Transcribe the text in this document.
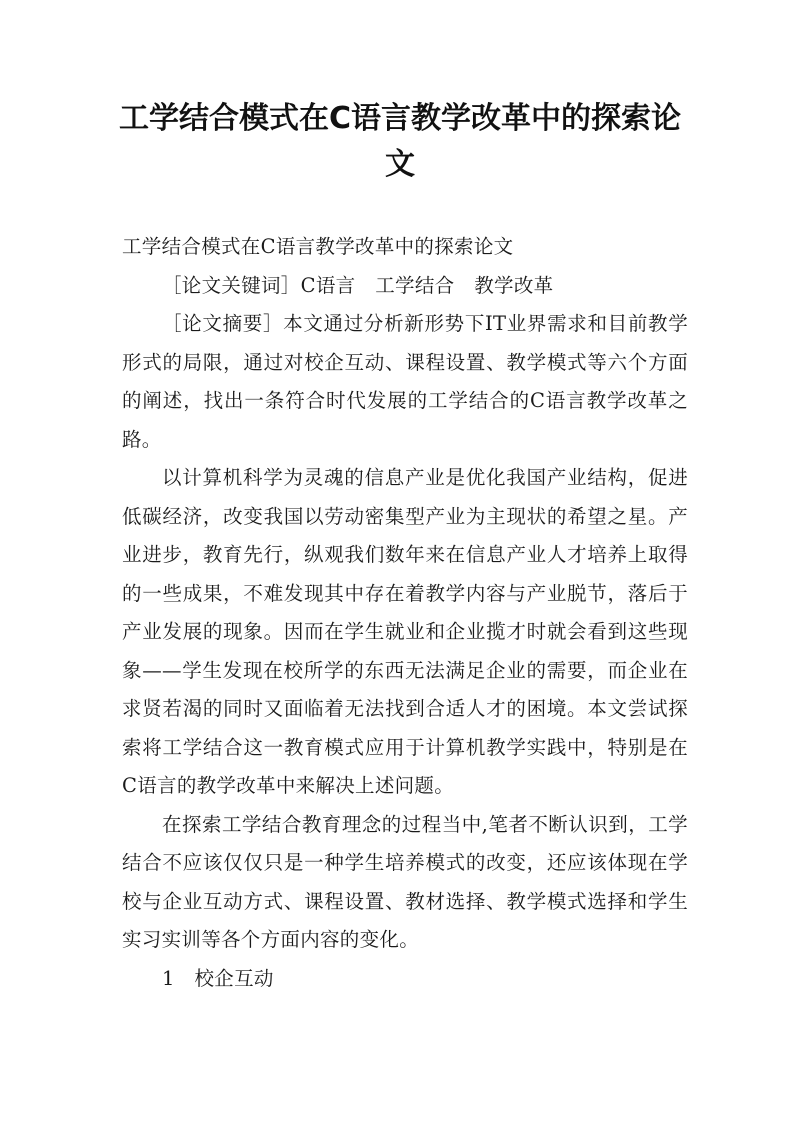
工学结合模式在C语言教学改革中的探索论文

工学结合模式在C语言教学改革中的探索论文

［论文关键词］C语言　工学结合　教学改革

［论文摘要］本文通过分析新形势下IT业界需求和目前教学形式的局限，通过对校企互动、课程设置、教学模式等六个方面的阐述，找出一条符合时代发展的工学结合的C语言教学改革之路。

以计算机科学为灵魂的信息产业是优化我国产业结构，促进低碳经济，改变我国以劳动密集型产业为主现状的希望之星。产业进步，教育先行，纵观我们数年来在信息产业人才培养上取得的一些成果，不难发现其中存在着教学内容与产业脱节，落后于产业发展的现象。因而在学生就业和企业揽才时就会看到这些现象——学生发现在校所学的东西无法满足企业的需要，而企业在求贤若渴的同时又面临着无法找到合适人才的困境。本文尝试探索将工学结合这一教育模式应用于计算机教学实践中，特别是在C语言的教学改革中来解决上述问题。

在探索工学结合教育理念的过程当中,笔者不断认识到，工学结合不应该仅仅只是一种学生培养模式的改变，还应该体现在学校与企业互动方式、课程设置、教材选择、教学模式选择和学生实习实训等各个方面内容的变化。

1　校企互动
